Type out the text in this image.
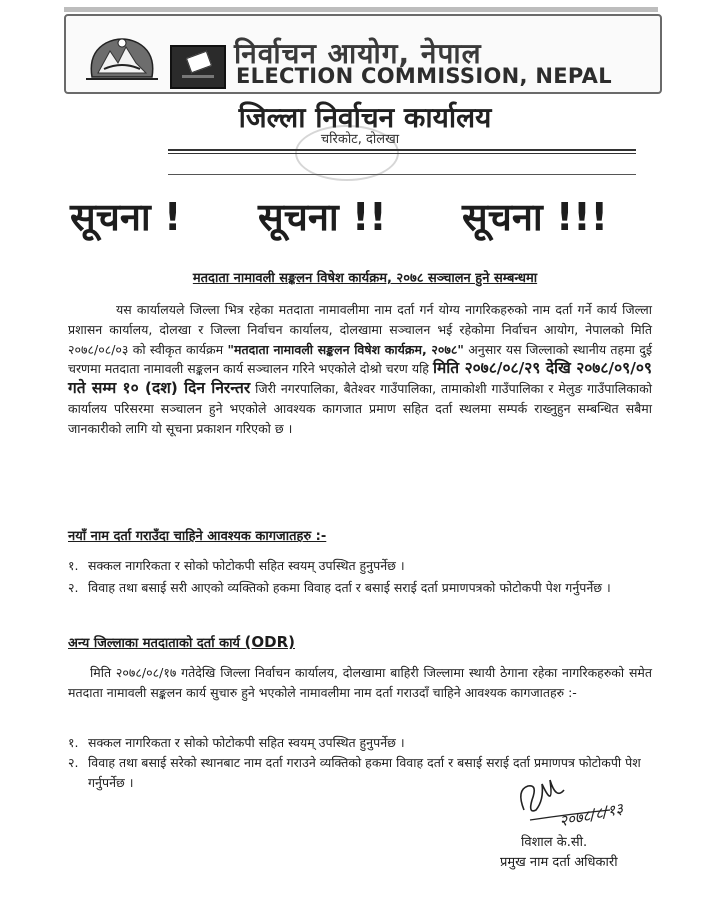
निर्वाचन आयोग, नेपाल
ELECTION COMMISSION, NEPAL
जिल्ला निर्वाचन कार्यालय
चरिकोट, दोलखा
सूचना ! सूचना !! सूचना !!!
मतदाता नामावली सङ्कलन विषेश कार्यक्रम, २०७८ सञ्चालन हुने सम्बन्धमा
यस कार्यालयले जिल्ला भित्र रहेका मतदाता नामावलीमा नाम दर्ता गर्न योग्य नागरिकहरुको नाम दर्ता गर्ने कार्य जिल्ला प्रशासन कार्यालय, दोलखा र जिल्ला निर्वाचन कार्यालय, दोलखामा सञ्चालन भई रहेकोमा निर्वाचन आयोग, नेपालको मिति २०७८/०८/०३ को स्वीकृत कार्यक्रम "मतदाता नामावली सङ्कलन विषेश कार्यक्रम, २०७८" अनुसार यस जिल्लाको स्थानीय तहमा दुई चरणमा मतदाता नामावली सङ्कलन कार्य सञ्चालन गरिने भएकोले दोश्रो चरण यहि मिति २०७८/०८/२९ देखि २०७८/०९/०९ गते सम्म १० (दश) दिन निरन्तर जिरी नगरपालिका, बैतेश्वर गाउँपालिका, तामाकोशी गाउँपालिका र मेलुङ गाउँपालिकाको कार्यालय परिसरमा सञ्चालन हुने भएकोले आवश्यक कागजात प्रमाण सहित दर्ता स्थलमा सम्पर्क राख्नुहुन सम्बन्धित सबैमा जानकारीको लागि यो सूचना प्रकाशन गरिएको छ ।
नयाँ नाम दर्ता गराउँदा चाहिने आवश्यक कागजातहरु :-
१. सक्कल नागरिकता र सोको फोटोकपी सहित स्वयम् उपस्थित हुनुपर्नेछ ।
२. विवाह तथा बसाई सरी आएको व्यक्तिको हकमा विवाह दर्ता र बसाई सराई दर्ता प्रमाणपत्रको फोटोकपी पेश गर्नुपर्नेछ ।
अन्य जिल्लाका मतदाताको दर्ता कार्य (ODR)
मिति २०७८/०८/१७ गतेदेखि जिल्ला निर्वाचन कार्यालय, दोलखामा बाहिरी जिल्लामा स्थायी ठेगाना रहेका नागरिकहरुको समेत मतदाता नामावली सङ्कलन कार्य सुचारु हुने भएकोले नामावलीमा नाम दर्ता गराउदाँ चाहिने आवश्यक कागजातहरु :-
१. सक्कल नागरिकता र सोको फोटोकपी सहित स्वयम् उपस्थित हुनुपर्नेछ ।
२. विवाह तथा बसाई सरेको स्थानबाट नाम दर्ता गराउने व्यक्तिको हकमा विवाह दर्ता र बसाई सराई दर्ता प्रमाणपत्र फोटोकपी पेश गर्नुपर्नेछ ।
२०७८/८/१३
विशाल के.सी.
प्रमुख नाम दर्ता अधिकारी
